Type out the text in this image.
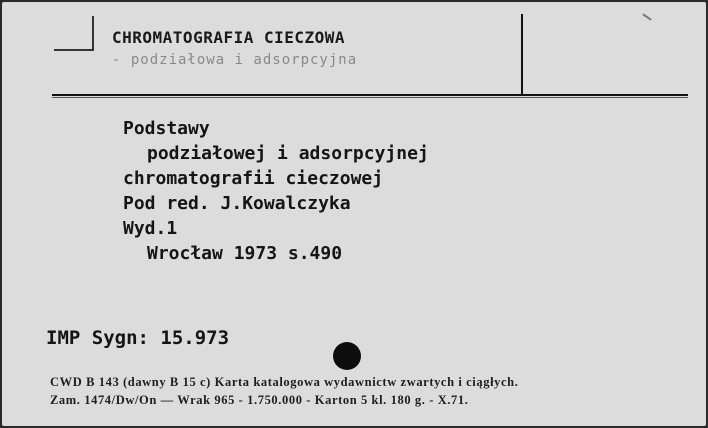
CHROMATOGRAFIA CIECZOWA
- podziałowa i adsorpcyjna
Podstawy
podziałowej i adsorpcyjnej
chromatografii cieczowej
Pod red. J.Kowalczyka
Wyd.1
Wrocław 1973 s.490
IMP Sygn: 15.973
CWD B 143 (dawny B 15 c) Karta katalogowa wydawnictw zwartych i ciągłych.
Zam. 1474/Dw/On — Wrak 965 - 1.750.000 - Karton 5 kl. 180 g. - X.71.
